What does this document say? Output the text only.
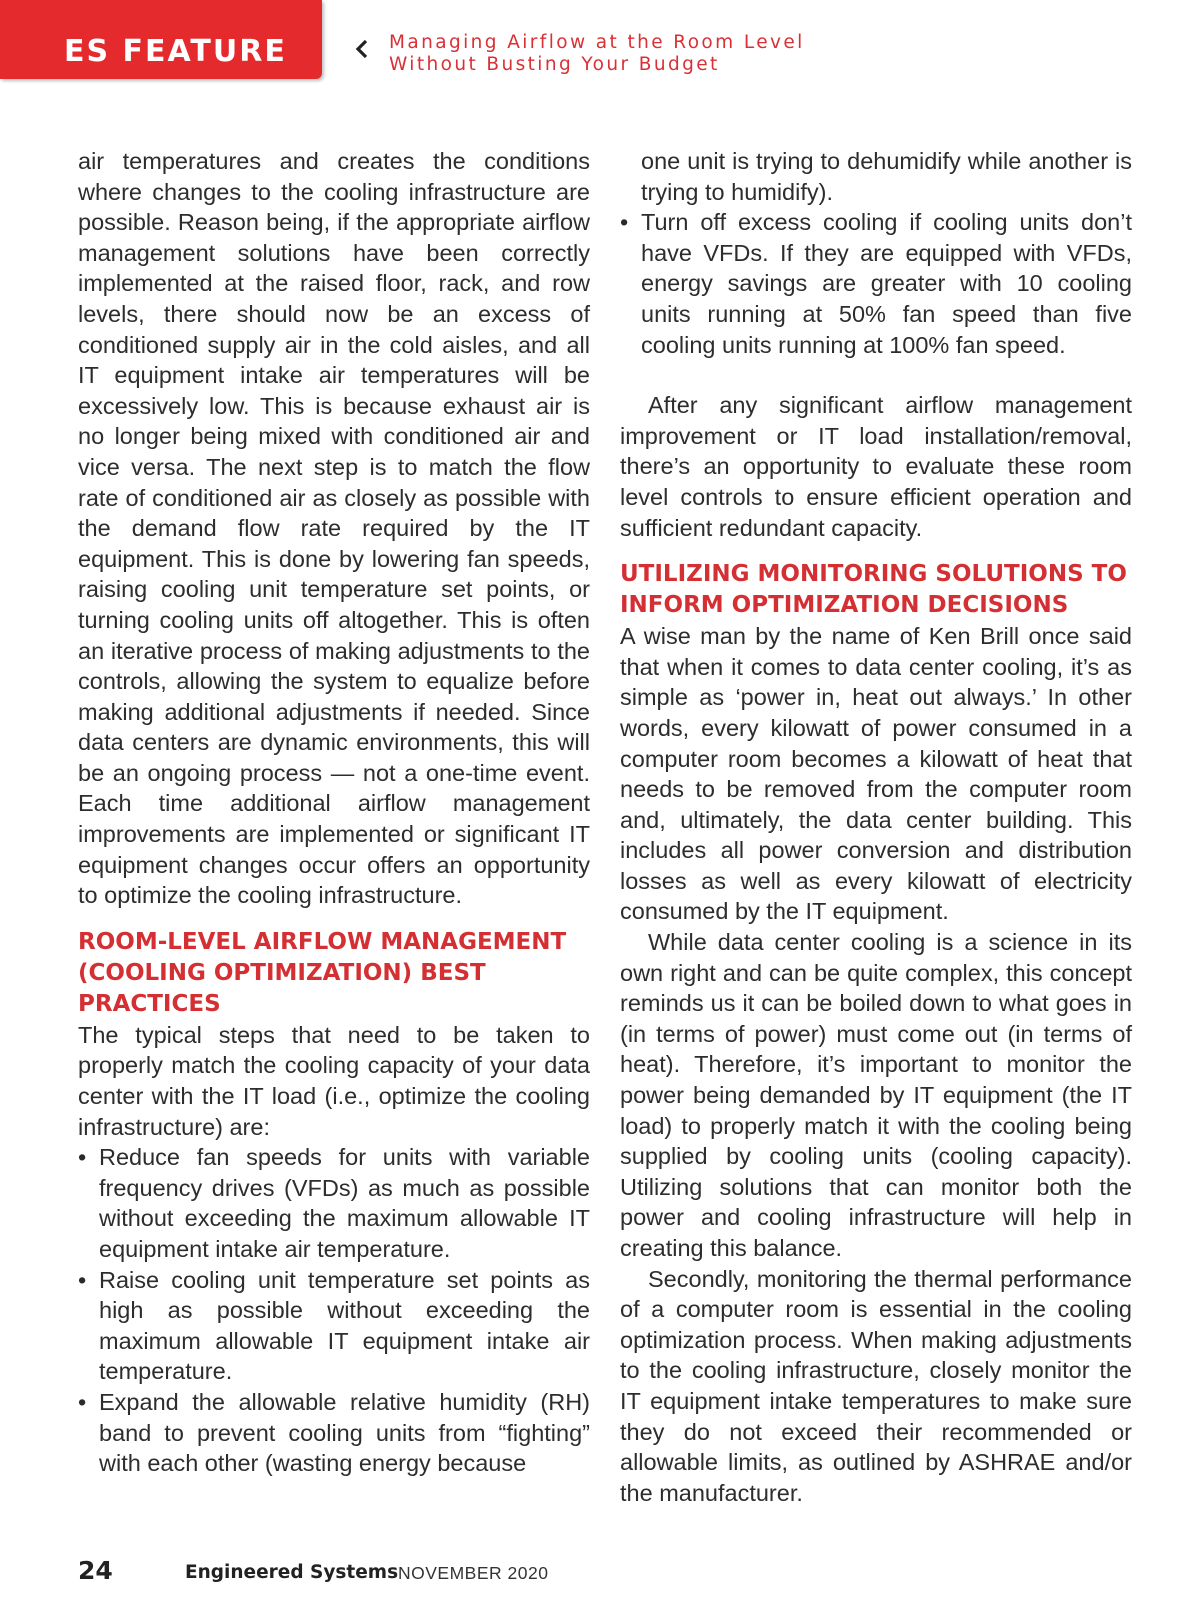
ES FEATURE	Managing Airflow at the Room Level
Without Busting Your Budget

air temperatures and creates the conditions where changes to the cooling infrastructure are possible. Reason being, if the appropriate airflow management solutions have been correctly implemented at the raised floor, rack, and row levels, there should now be an excess of conditioned supply air in the cold aisles, and all IT equipment intake air temperatures will be excessively low. This is because exhaust air is no longer being mixed with conditioned air and vice versa. The next step is to match the flow rate of conditioned air as closely as possible with the demand flow rate required by the IT equipment. This is done by lowering fan speeds, raising cooling unit temperature set points, or turning cooling units off altogether. This is often an iterative process of making adjustments to the controls, allowing the system to equalize before making additional adjustments if needed. Since data centers are dynamic environments, this will be an ongoing process — not a one-time event. Each time additional airflow management improvements are implemented or significant IT equipment changes occur offers an opportunity to optimize the cooling infrastructure.

ROOM-LEVEL AIRFLOW MANAGEMENT (COOLING OPTIMIZATION) BEST PRACTICES

The typical steps that need to be taken to properly match the cooling capacity of your data center with the IT load (i.e., optimize the cooling infrastructure) are:

• Reduce fan speeds for units with variable frequency drives (VFDs) as much as possible without exceeding the maximum allowable IT equipment intake air temperature.

• Raise cooling unit temperature set points as high as possible without exceeding the maximum allowable IT equipment intake air temperature.

• Expand the allowable relative humidity (RH) band to prevent cooling units from “fighting” with each other (wasting energy because

one unit is trying to dehumidify while another is trying to humidify).

• Turn off excess cooling if cooling units don’t have VFDs. If they are equipped with VFDs, energy savings are greater with 10 cooling units running at 50% fan speed than five cooling units running at 100% fan speed.

After any significant airflow management improvement or IT load installation/removal, there’s an opportunity to evaluate these room level controls to ensure efficient operation and sufficient redundant capacity.

UTILIZING MONITORING SOLUTIONS TO INFORM OPTIMIZATION DECISIONS

A wise man by the name of Ken Brill once said that when it comes to data center cooling, it’s as simple as ‘power in, heat out always.’ In other words, every kilowatt of power consumed in a computer room becomes a kilowatt of heat that needs to be removed from the computer room and, ultimately, the data center building. This includes all power conversion and distribution losses as well as every kilowatt of electricity consumed by the IT equipment.

While data center cooling is a science in its own right and can be quite complex, this concept reminds us it can be boiled down to what goes in (in terms of power) must come out (in terms of heat). Therefore, it’s important to monitor the power being demanded by IT equipment (the IT load) to properly match it with the cooling being supplied by cooling units (cooling capacity). Utilizing solutions that can monitor both the power and cooling infrastructure will help in creating this balance.

Secondly, monitoring the thermal performance of a computer room is essential in the cooling optimization process. When making adjustments to the cooling infrastructure, closely monitor the IT equipment intake temperatures to make sure they do not exceed their recommended or allowable limits, as outlined by ASHRAE and/or the manufacturer.

24	Engineered Systems NOVEMBER 2020
